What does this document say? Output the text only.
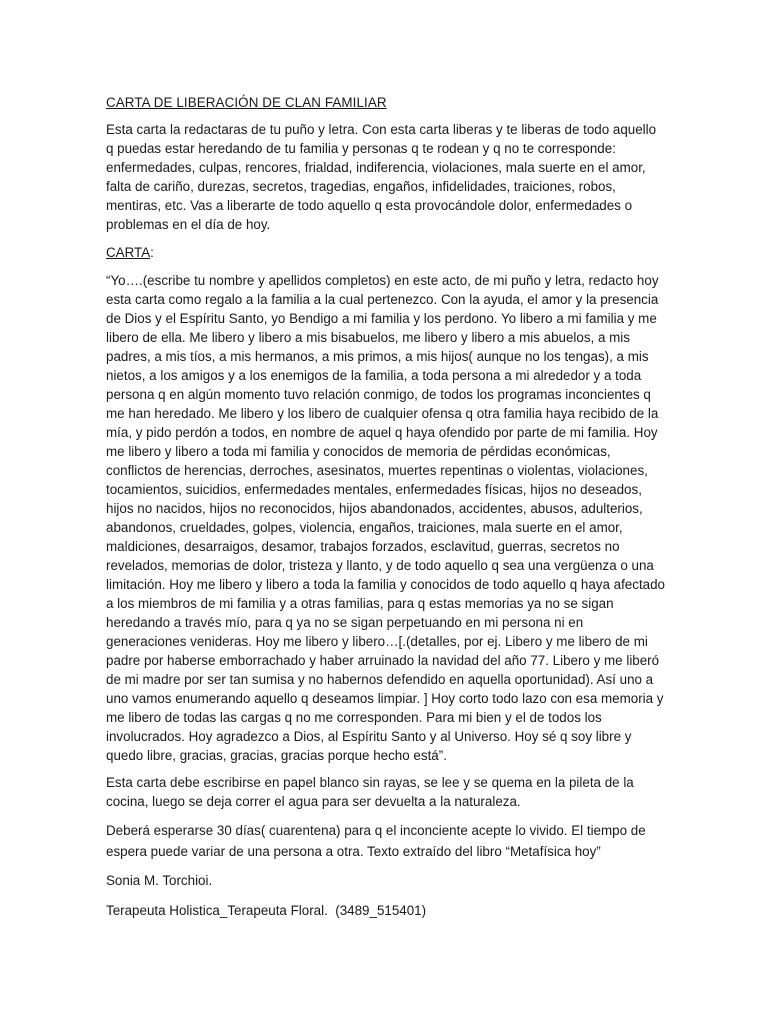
CARTA DE LIBERACIÓN DE CLAN FAMILIAR

Esta carta la redactaras de tu puño y letra. Con esta carta liberas y te liberas de todo aquello q puedas estar heredando de tu familia y personas q te rodean y q no te corresponde: enfermedades, culpas, rencores, frialdad, indiferencia, violaciones, mala suerte en el amor, falta de cariño, durezas, secretos, tragedias, engaños, infidelidades, traiciones, robos, mentiras, etc. Vas a liberarte de todo aquello q esta provocándole dolor, enfermedades o problemas en el día de hoy.

CARTA:

“Yo….(escribe tu nombre y apellidos completos) en este acto, de mi puño y letra, redacto hoy esta carta como regalo a la familia a la cual pertenezco. Con la ayuda, el amor y la presencia de Dios y el Espíritu Santo, yo Bendigo a mi familia y los perdono. Yo libero a mi familia y me libero de ella. Me libero y libero a mis bisabuelos, me libero y libero a mis abuelos, a mis padres, a mis tíos, a mis hermanos, a mis primos, a mis hijos( aunque no los tengas), a mis nietos, a los amigos y a los enemigos de la familia, a toda persona a mi alrededor y a toda persona q en algún momento tuvo relación conmigo, de todos los programas inconcientes q me han heredado. Me libero y los libero de cualquier ofensa q otra familia haya recibido de la mía, y pido perdón a todos, en nombre de aquel q haya ofendido por parte de mi familia. Hoy me libero y libero a toda mi familia y conocidos de memoria de pérdidas económicas, conflictos de herencias, derroches, asesinatos, muertes repentinas o violentas, violaciones, tocamientos, suicidios, enfermedades mentales, enfermedades físicas, hijos no deseados, hijos no nacidos, hijos no reconocidos, hijos abandonados, accidentes, abusos, adulterios, abandonos, crueldades, golpes, violencia, engaños, traiciones, mala suerte en el amor, maldiciones, desarraigos, desamor, trabajos forzados, esclavitud, guerras, secretos no revelados, memorias de dolor, tristeza y llanto, y de todo aquello q sea una vergüenza o una limitación. Hoy me libero y libero a toda la familia y conocidos de todo aquello q haya afectado a los miembros de mi familia y a otras familias, para q estas memorias ya no se sigan heredando a través mío, para q ya no se sigan perpetuando en mi persona ni en generaciones venideras. Hoy me libero y libero…[.(detalles, por ej. Libero y me libero de mi padre por haberse emborrachado y haber arruinado la navidad del año 77. Libero y me liberó de mi madre por ser tan sumisa y no habernos defendido en aquella oportunidad). Así uno a uno vamos enumerando aquello q deseamos limpiar. ] Hoy corto todo lazo con esa memoria y me libero de todas las cargas q no me corresponden. Para mi bien y el de todos los involucrados. Hoy agradezco a Dios, al Espíritu Santo y al Universo. Hoy sé q soy libre y quedo libre, gracias, gracias, gracias porque hecho está”.

Esta carta debe escribirse en papel blanco sin rayas, se lee y se quema en la pileta de la cocina, luego se deja correr el agua para ser devuelta a la naturaleza.

Deberá esperarse 30 días( cuarentena) para q el inconciente acepte lo vivido. El tiempo de espera puede variar de una persona a otra. Texto extraído del libro “Metafísica hoy”

Sonia M. Torchioi.

Terapeuta Holistica_Terapeuta Floral.  (3489_515401)
